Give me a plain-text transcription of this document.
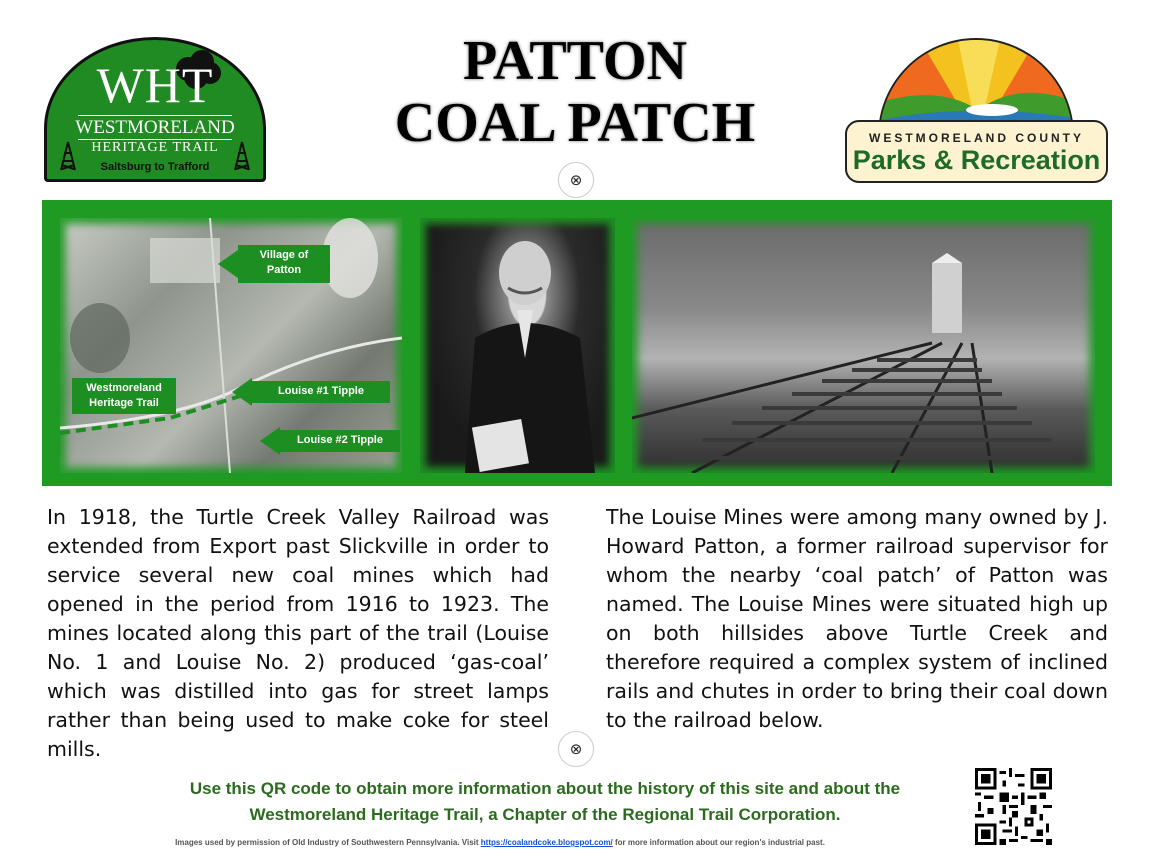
WHT
WESTMORELAND
HERITAGE TRAIL
Saltsburg to Trafford
PATTON
COAL PATCH
⊗
WESTMORELAND COUNTY
Parks & Recreation
Village of Patton
Louise #1 Tipple
Westmoreland Heritage Trail
Louise #2 Tipple
In 1918, the Turtle Creek Valley Railroad was extended from Export past Slickville in order to service several new coal mines which had opened in the period from 1916 to 1923. The mines located along this part of the trail (Louise No. 1 and Louise No. 2) produced ‘gas-coal’ which was distilled into gas for street lamps rather than being used to make coke for steel mills.
The Louise Mines were among many owned by J. Howard Patton, a former railroad supervisor for whom the nearby ‘coal patch’ of Patton was named. The Louise Mines were situated high up on both hillsides above Turtle Creek and therefore required a complex system of inclined rails and chutes in order to bring their coal down to the railroad below.
⊗
Use this QR code to obtain more information about the history of this site and about the
Westmoreland Heritage Trail, a Chapter of the Regional Trail Corporation.
Images used by permission of Old Industry of Southwestern Pennsylvania. Visit https://coalandcoke.blogspot.com/ for more information about our region's industrial past.
